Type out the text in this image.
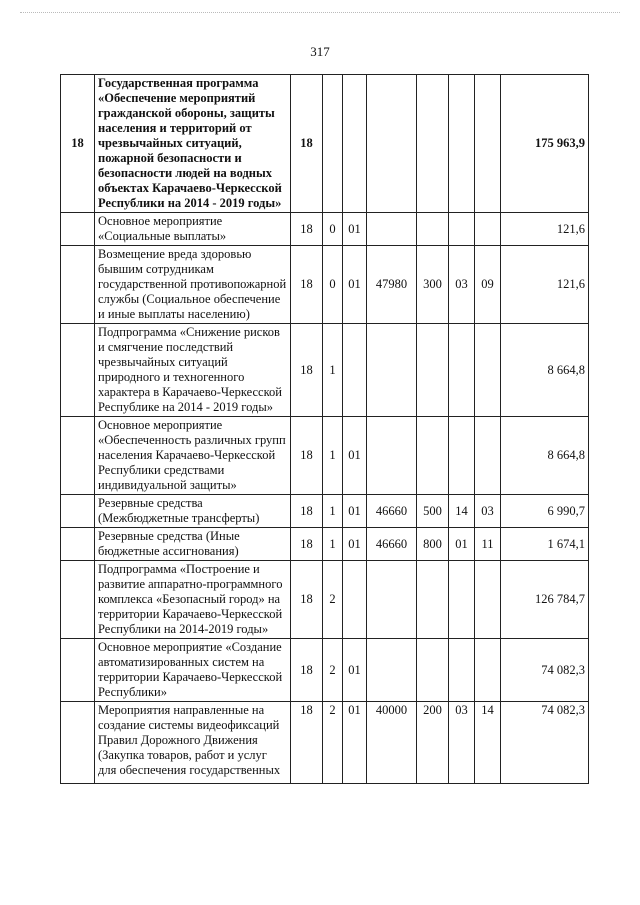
317
18	Государственная программа «Обеспечение мероприятий гражданской обороны, защиты населения и территорий от чрезвычайных ситуаций, пожарной безопасности и безопасности людей на водных объектах Карачаево-Черкесской Республики на 2014 - 2019 годы»	18							175 963,9
	Основное мероприятие «Социальные выплаты»	18	0	01					121,6
	Возмещение вреда здоровью бывшим сотрудникам государственной противопожарной службы (Социальное обеспечение и иные выплаты населению)	18	0	01	47980	300	03	09	121,6
	Подпрограмма «Снижение рисков и смягчение последствий чрезвычайных ситуаций природного и техногенного характера в Карачаево-Черкесской Республике на 2014 - 2019 годы»	18	1						8 664,8
	Основное мероприятие «Обеспеченность различных групп населения Карачаево-Черкесской Республики средствами индивидуальной защиты»	18	1	01					8 664,8
	Резервные средства (Межбюджетные трансферты)	18	1	01	46660	500	14	03	6 990,7
	Резервные средства (Иные бюджетные ассигнования)	18	1	01	46660	800	01	11	1 674,1
	Подпрограмма «Построение и развитие аппаратно-программного комплекса «Безопасный город» на территории Карачаево-Черкесской Республики на 2014-2019 годы»	18	2						126 784,7
	Основное мероприятие «Создание автоматизированных систем на территории Карачаево-Черкесской Республики»	18	2	01					74 082,3
	Мероприятия направленные на создание системы видеофиксаций Правил Дорожного Движения (Закупка товаров, работ и услуг для обеспечения государственных	18	2	01	40000	200	03	14	74 082,3
